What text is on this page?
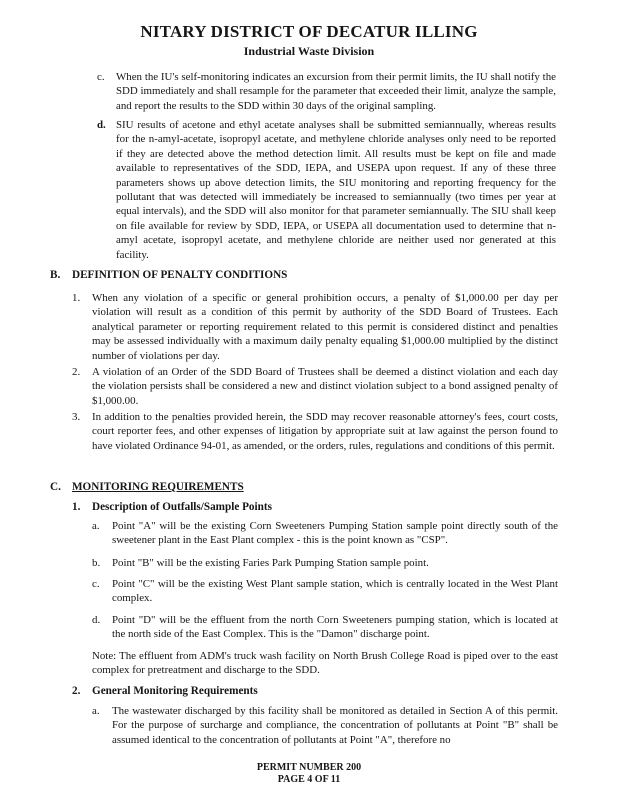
NITARY DISTRICT OF DECATUR ILLING
Industrial Waste Division
c. When the IU's self-monitoring indicates an excursion from their permit limits, the IU shall notify the SDD immediately and shall resample for the parameter that exceeded their limit, analyze the sample, and report the results to the SDD within 30 days of the original sampling.
d. SIU results of acetone and ethyl acetate analyses shall be submitted semiannually, whereas results for the n-amyl-acetate, isopropyl acetate, and methylene chloride analyses only need to be reported if they are detected above the method detection limit. All results must be kept on file and made available to representatives of the SDD, IEPA, and USEPA upon request. If any of these three parameters shows up above detection limits, the SIU monitoring and reporting frequency for the pollutant that was detected will immediately be increased to semiannually (two times per year at equal intervals), and the SDD will also monitor for that parameter semiannually. The SIU shall keep on file available for review by SDD, IEPA, or USEPA all documentation used to determine that n-amyl acetate, isopropyl acetate, and methylene chloride are neither used nor generated at this facility.
B. DEFINITION OF PENALTY CONDITIONS
1. When any violation of a specific or general prohibition occurs, a penalty of $1,000.00 per day per violation will result as a condition of this permit by authority of the SDD Board of Trustees. Each analytical parameter or reporting requirement related to this permit is considered distinct and penalties may be assessed individually with a maximum daily penalty equaling $1,000.00 multiplied by the distinct number of violations per day.
2. A violation of an Order of the SDD Board of Trustees shall be deemed a distinct violation and each day the violation persists shall be considered a new and distinct violation subject to a bond assigned penalty of $1,000.00.
3. In addition to the penalties provided herein, the SDD may recover reasonable attorney's fees, court costs, court reporter fees, and other expenses of litigation by appropriate suit at law against the person found to have violated Ordinance 94-01, as amended, or the orders, rules, regulations and conditions of this permit.
C. MONITORING REQUIREMENTS
1. Description of Outfalls/Sample Points
a. Point "A" will be the existing Corn Sweeteners Pumping Station sample point directly south of the sweetener plant in the East Plant complex - this is the point known as "CSP".
b. Point "B" will be the existing Faries Park Pumping Station sample point.
c. Point "C" will be the existing West Plant sample station, which is centrally located in the West Plant complex.
d. Point "D" will be the effluent from the north Corn Sweeteners pumping station, which is located at the north side of the East Complex. This is the "Damon" discharge point.
Note: The effluent from ADM's truck wash facility on North Brush College Road is piped over to the east complex for pretreatment and discharge to the SDD.
2. General Monitoring Requirements
a. The wastewater discharged by this facility shall be monitored as detailed in Section A of this permit. For the purpose of surcharge and compliance, the concentration of pollutants at Point "B" shall be assumed identical to the concentration of pollutants at Point "A", therefore no
PERMIT NUMBER 200
PAGE 4 OF 11
